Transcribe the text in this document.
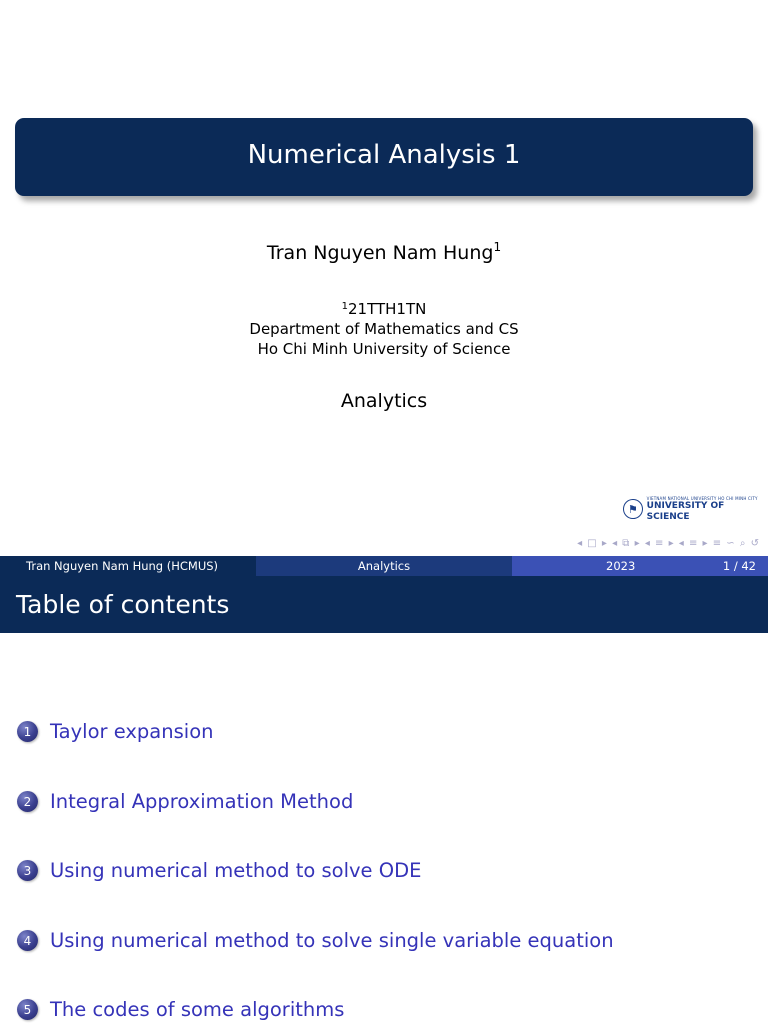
Numerical Analysis 1
Tran Nguyen Nam Hung$^1$
$^1$21TTH1TN
Department of Mathematics and CS
Ho Chi Minh University of Science
Analytics
⚑
VIETNAM NATIONAL UNIVERSITY HO CHI MINH CITY
UNIVERSITY OF SCIENCE
◂ □ ▸ ◂ ⧉ ▸ ◂ ≡ ▸ ◂ ≡ ▸ ≡ ∽ ⌕ ↺
Tran Nguyen Nam Hung (HCMUS)	Analytics	2023	1 / 42
Table of contents
1 Taylor expansion
2 Integral Approximation Method
3 Using numerical method to solve ODE
4 Using numerical method to solve single variable equation
5 The codes of some algorithms
